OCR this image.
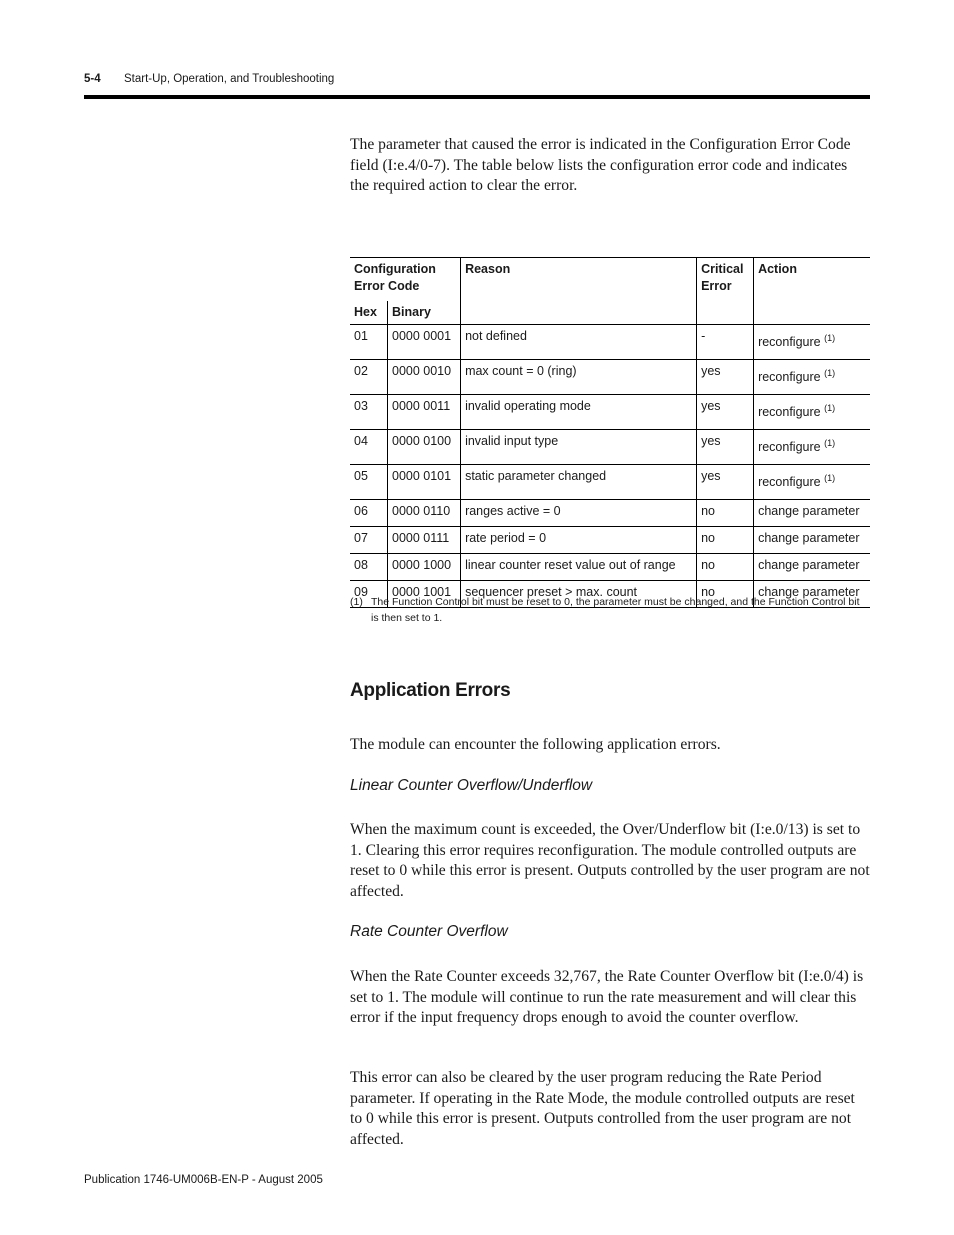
5-4 Start-Up, Operation, and Troubleshooting
The parameter that caused the error is indicated in the Configuration Error Code field (I:e.4/0-7). The table below lists the configuration error code and indicates the required action to clear the error.
Configuration Error Code		Reason	Critical Error	Action
Hex	Binary			
01	0000 0001	not defined	-	reconfigure $^{(1)}$
02	0000 0010	max count = 0 (ring)	yes	reconfigure $^{(1)}$
03	0000 0011	invalid operating mode	yes	reconfigure $^{(1)}$
04	0000 0100	invalid input type	yes	reconfigure $^{(1)}$
05	0000 0101	static parameter changed	yes	reconfigure $^{(1)}$
06	0000 0110	ranges active = 0	no	change parameter
07	0000 0111	rate period = 0	no	change parameter
08	0000 1000	linear counter reset value out of range	no	change parameter
09	0000 1001	sequencer preset > max. count	no	change parameter
(1) The Function Control bit must be reset to 0, the parameter must be changed, and the Function Control bit is then set to 1.
Application Errors
The module can encounter the following application errors.
Linear Counter Overflow/Underflow
When the maximum count is exceeded, the Over/Underflow bit (I:e.0/13) is set to 1. Clearing this error requires reconfiguration. The module controlled outputs are reset to 0 while this error is present. Outputs controlled by the user program are not affected.
Rate Counter Overflow
When the Rate Counter exceeds 32,767, the Rate Counter Overflow bit (I:e.0/4) is set to 1. The module will continue to run the rate measurement and will clear this error if the input frequency drops enough to avoid the counter overflow.
This error can also be cleared by the user program reducing the Rate Period parameter. If operating in the Rate Mode, the module controlled outputs are reset to 0 while this error is present. Outputs controlled from the user program are not affected.
Publication 1746-UM006B-EN-P - August 2005
